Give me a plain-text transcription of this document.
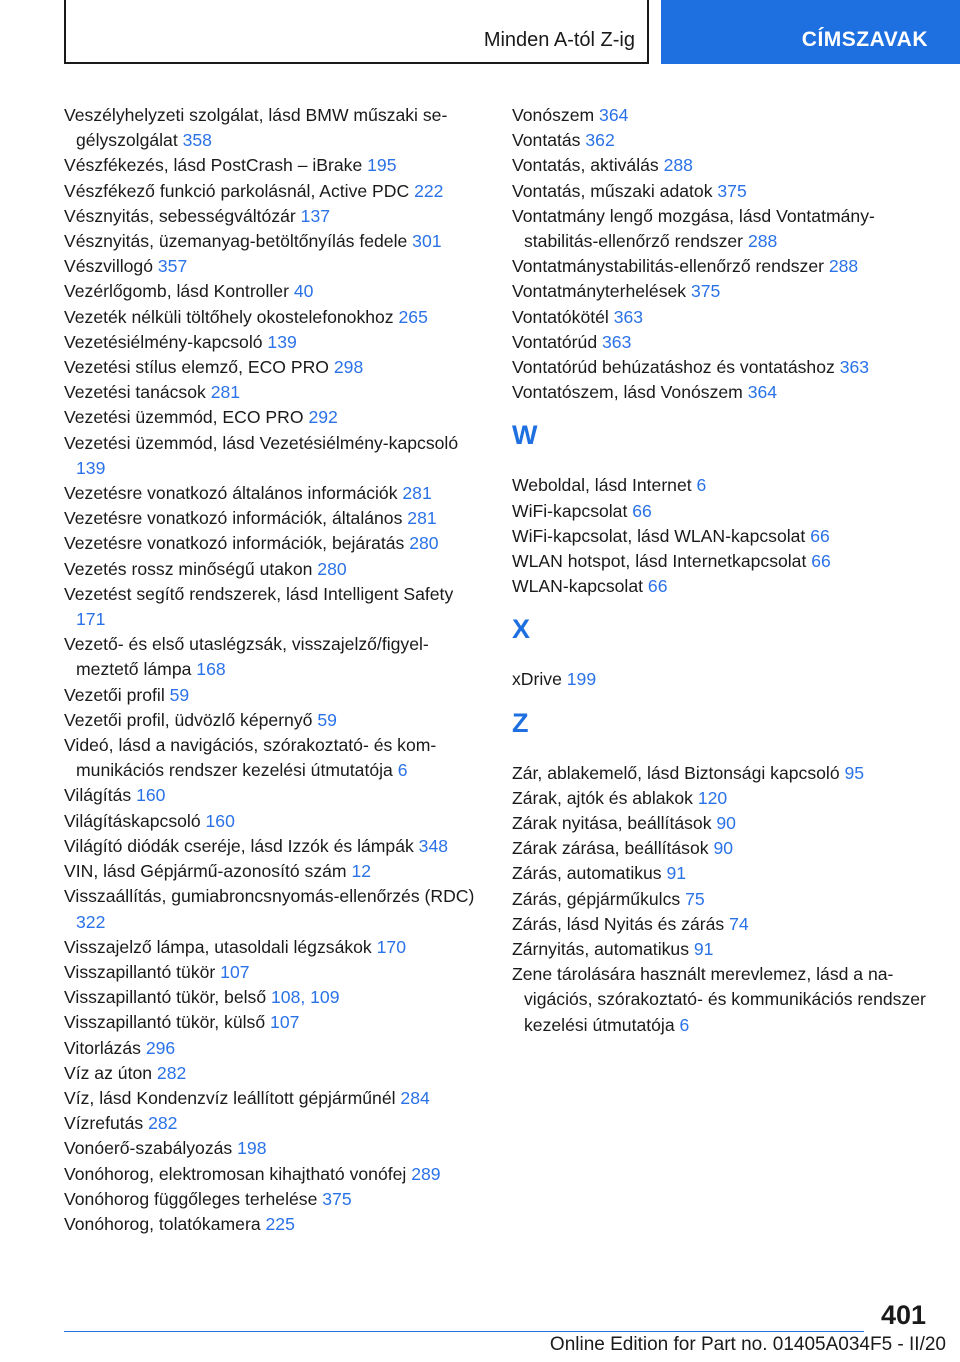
Minden A-tól Z-ig	CÍMSZAVAK
Veszélyhelyzeti szolgálat, lásd BMW műszaki segélyszolgálat 358
Vészfékezés, lásd PostCrash – iBrake 195
Vészfékező funkció parkolásnál, Active PDC 222
Vésznyitás, sebességváltózár 137
Vésznyitás, üzemanyag-betöltőnyílás fedele 301
Vészvillogó 357
Vezérlőgomb, lásd Kontroller 40
Vezeték nélküli töltőhely okostelefonokhoz 265
Vezetésiélmény-kapcsoló 139
Vezetési stílus elemző, ECO PRO 298
Vezetési tanácsok 281
Vezetési üzemmód, ECO PRO 292
Vezetési üzemmód, lásd Vezetésiélmény-kapcsoló 139
Vezetésre vonatkozó általános információk 281
Vezetésre vonatkozó információk, általános 281
Vezetésre vonatkozó információk, bejáratás 280
Vezetés rossz minőségű utakon 280
Vezetést segítő rendszerek, lásd Intelligent Safety 171
Vezető- és első utaslégzsák, visszajelző/figyelmeztető lámpa 168
Vezetői profil 59
Vezetői profil, üdvözlő képernyő 59
Videó, lásd a navigációs, szórakoztató- és kommunikációs rendszer kezelési útmutatója 6
Világítás 160
Világításkapcsoló 160
Világító diódák cseréje, lásd Izzók és lámpák 348
VIN, lásd Gépjármű-azonosító szám 12
Visszaállítás, gumiabroncsnyomás-ellenőrzés (RDC) 322
Visszajelző lámpa, utasoldali légzsákok 170
Visszapillantó tükör 107
Visszapillantó tükör, belső 108, 109
Visszapillantó tükör, külső 107
Vitorlázás 296
Víz az úton 282
Víz, lásd Kondenzvíz leállított gépjárműnél 284
Vízrefutás 282
Vonóerő-szabályozás 198
Vonóhorog, elektromosan kihajtható vonófej 289
Vonóhorog függőleges terhelése 375
Vonóhorog, tolatókamera 225
Vonószem 364
Vontatás 362
Vontatás, aktiválás 288
Vontatás, műszaki adatok 375
Vontatmány lengő mozgása, lásd Vontatmánystabilitás-ellenőrző rendszer 288
Vontatmánystabilitás-ellenőrző rendszer 288
Vontatmányterhelések 375
Vontatókötél 363
Vontatórúd 363
Vontatórúd behúzatáshoz és vontatáshoz 363
Vontatószem, lásd Vonószem 364
W
Weboldal, lásd Internet 6
WiFi-kapcsolat 66
WiFi-kapcsolat, lásd WLAN-kapcsolat 66
WLAN hotspot, lásd Internetkapcsolat 66
WLAN-kapcsolat 66
X
xDrive 199
Z
Zár, ablakemelő, lásd Biztonsági kapcsoló 95
Zárak, ajtók és ablakok 120
Zárak nyitása, beállítások 90
Zárak zárása, beállítások 90
Zárás, automatikus 91
Zárás, gépjárműkulcs 75
Zárás, lásd Nyitás és zárás 74
Zárnyitás, automatikus 91
Zene tárolására használt merevlemez, lásd a navigációs, szórakoztató- és kommunikációs rendszer kezelési útmutatója 6
401
Online Edition for Part no. 01405A034F5 - II/20
